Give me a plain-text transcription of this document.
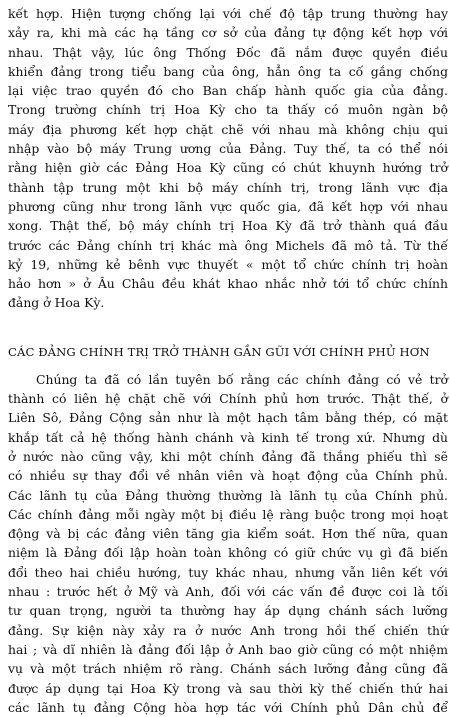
kết hợp. Hiện tượng chống lại với chế độ tập trung thường hay
xảy ra, khi mà các hạ tầng cơ sở của đảng tự động kết hợp với
nhau. Thật vậy, lúc ông Thống Đốc đã nắm được quyền điều
khiển đảng trong tiểu bang của ông, hẳn ông ta cố gắng chống
lại việc trao quyền đó cho Ban chấp hành quốc gia của đảng.
Trong trường chính trị Hoa Kỳ cho ta thấy có muôn ngàn bộ
máy địa phương kết hợp chặt chẽ với nhau mà không chịu qui
nhập vào bộ máy Trung ương của Đảng. Tuy thế, ta có thể nói
rằng hiện giờ các Đảng Hoa Kỳ cũng có chút khuynh hướng trở
thành tập trung một khi bộ máy chính trị, trong lãnh vực địa
phương cũng như trong lãnh vực quốc gia, đã kết hợp với nhau
xong. Thật thế, bộ máy chính trị Hoa Kỳ đã trở thành quá đầu
trước các Đảng chính trị khác mà ông Michels đã mô tả. Từ thế
kỷ 19, những kẻ bênh vực thuyết « một tổ chức chính trị hoàn
hảo hơn » ở Âu Châu đều khát khao nhắc nhở tới tổ chức chính
đảng ở Hoa Kỳ.
CÁC ĐẢNG CHÍNH TRỊ TRỞ THÀNH GẦN GŨI VỚI CHÍNH PHỦ HƠN
Chúng ta đã có lần tuyên bố rằng các chính đảng có vẻ trở
thành có liên hệ chặt chẽ với Chính phủ hơn trước. Thật thế, ở
Liên Sô, Đảng Cộng sản như là một hạch tâm bằng thép, có mặt
khắp tất cả hệ thống hành chánh và kinh tế trong xứ. Nhưng dù
ở nước nào cũng vậy, khi một chính đảng đã thắng phiếu thì sẽ
có nhiều sự thay đổi về nhân viên và hoạt động của Chính phủ.
Các lãnh tụ của Đảng thường thường là lãnh tụ của Chính phủ.
Các chính đảng mỗi ngày một bị điều lệ ràng buộc trong mọi hoạt
động và bị các đảng viên tăng gia kiểm soát. Hơn thế nữa, quan
niệm là Đảng đối lập hoàn toàn không có giữ chức vụ gì đã biến
đổi theo hai chiều hướng, tuy khác nhau, nhưng vẫn liên kết với
nhau : trước hết ở Mỹ và Anh, đối với các vấn đề được coi là tối
tư quan trọng, người ta thường hay áp dụng chánh sách lưỡng
đảng. Sự kiện này xảy ra ở nước Anh trong hồi thế chiến thứ
hai ; và dĩ nhiên là đảng đối lập ở Anh bao giờ cũng có một nhiệm
vụ và một trách nhiệm rõ ràng. Chánh sách lưỡng đảng cũng đã
được áp dụng tại Hoa Kỳ trong và sau thời kỳ thế chiến thứ hai
các lãnh tụ đảng Cộng hòa hợp tác với Chính phủ Dân chủ để
